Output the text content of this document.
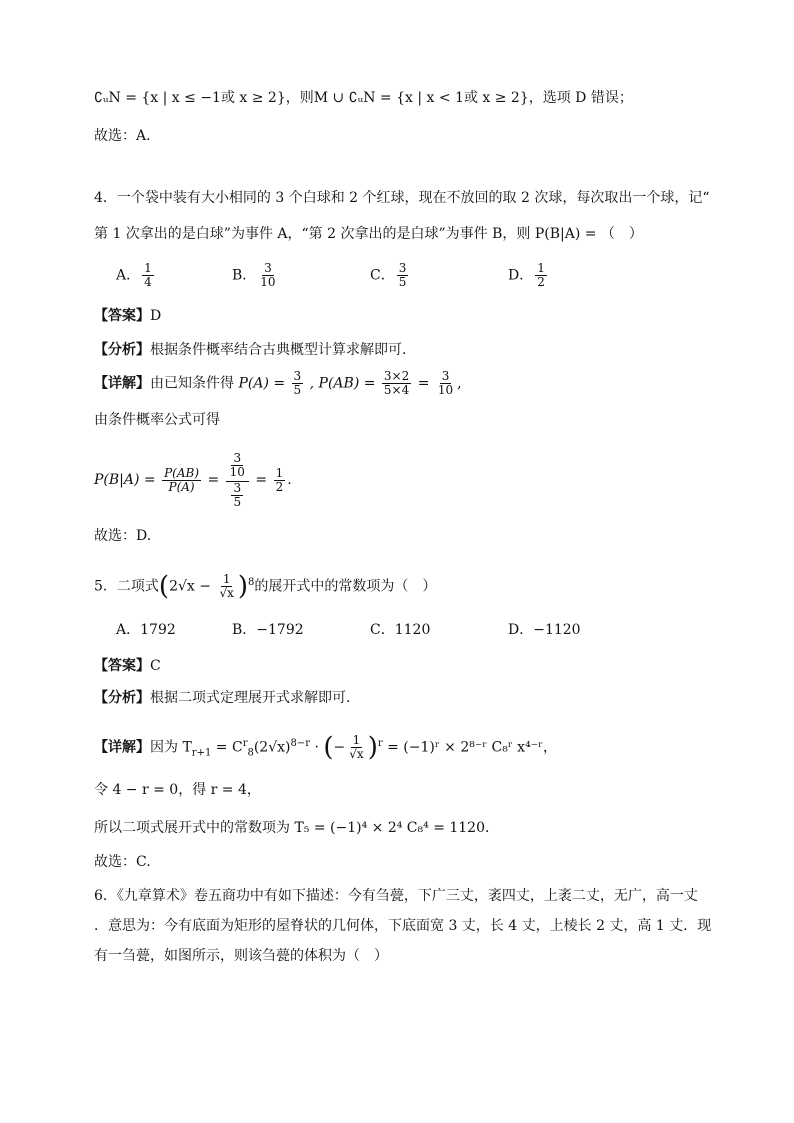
∁ᵤN = {x | x ≤ −1或 x ≥ 2}，则M ∪ ∁ᵤN = {x | x < 1或 x ≥ 2}，选项 D 错误；
故选：A.
4．一个袋中装有大小相同的 3 个白球和 2 个红球，现在不放回的取 2 次球，每次取出一个球，记“
第 1 次拿出的是白球”为事件 A，“第 2 次拿出的是白球”为事件 B，则 P(B|A) = （　）
A． $\frac{1}{4}$	B． $\frac{3}{10}$	C． $\frac{3}{5}$	D． $\frac{1}{2}$
【答案】D
【分析】根据条件概率结合古典概型计算求解即可.
【详解】由已知条件得 $P(A) = \frac{3}{5}$ , $P(AB) = \frac{3\times 2}{5\times 4} = \frac{3}{10}$ ,
由条件概率公式可得
$P(B|A) = \frac{P(AB)}{P(A)} = \frac{\frac{3}{10}}{\frac{3}{5}} = \frac{1}{2}$ .
故选：D.
5．二项式$(2√x - \frac{1}{√x} )^8$的展开式中的常数项为（　）
A．1792	B．−1792	C．1120	D．−1120
【答案】C
【分析】根据二项式定理展开式求解即可.
【详解】因为 $T_{r+1} = C^r_8(2√x)^{8-r}$ · (− $\frac{1}{√x} )^r$ = (−1)ʳ × 2⁸⁻ʳ C₈ʳ x⁴⁻ʳ，
令 4 − r = 0，得 r = 4，
所以二项式展开式中的常数项为 T₅ = (−1)⁴ × 2⁴ C₈⁴ = 1120．
故选：C.
6．《九章算术》卷五商功中有如下描述：今有刍甍，下广三丈，袤四丈，上袤二丈，无广，高一丈
．意思为：今有底面为矩形的屋脊状的几何体，下底面宽 3 丈，长 4 丈，上棱长 2 丈，高 1 丈．现
有一刍甍，如图所示，则该刍甍的体积为（　）
